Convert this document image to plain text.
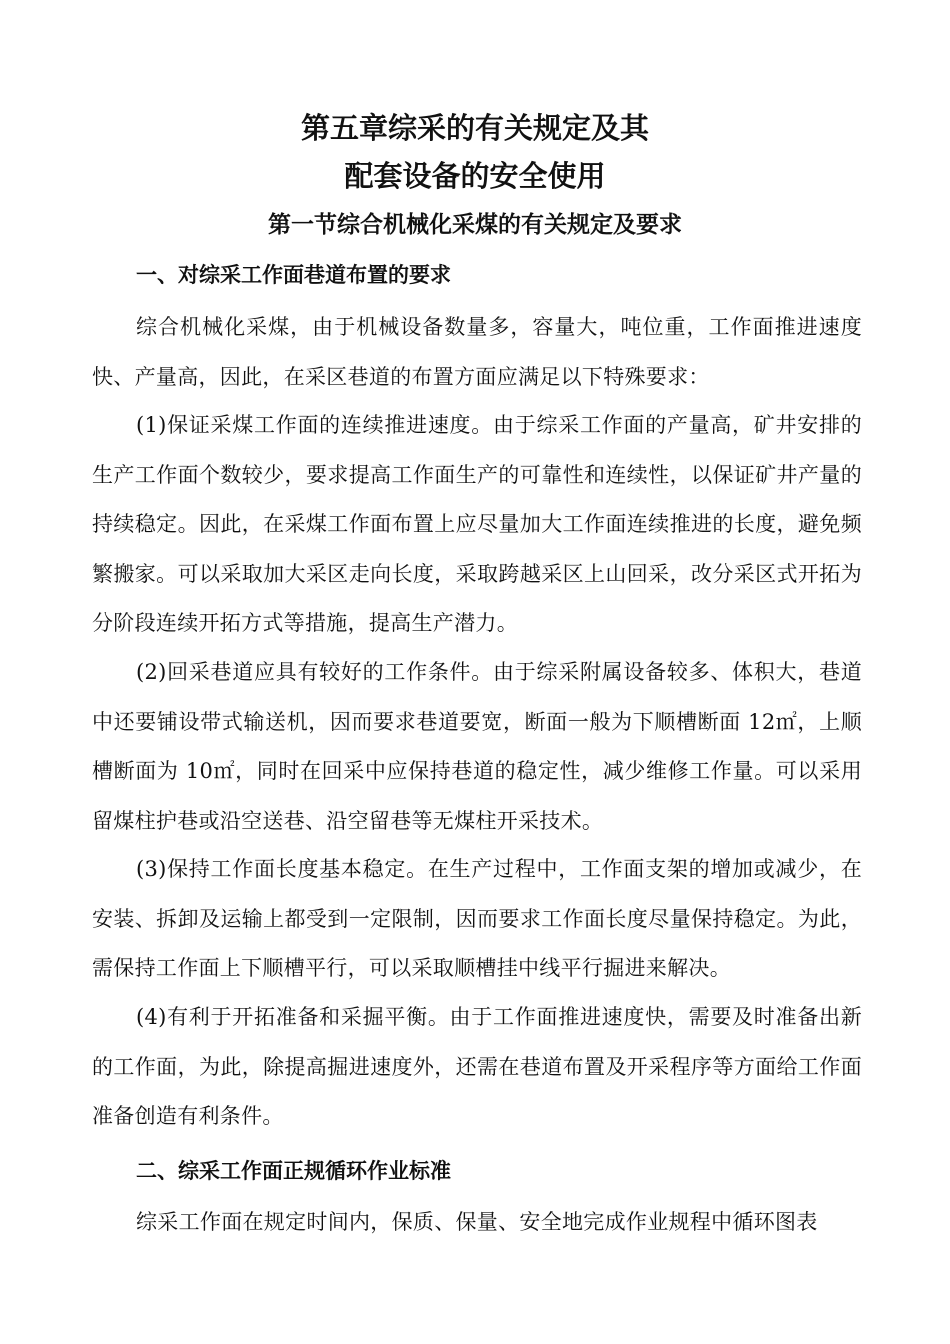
第五章综采的有关规定及其
配套设备的安全使用
第一节综合机械化采煤的有关规定及要求
一、对综采工作面巷道布置的要求

综合机械化采煤，由于机械设备数量多，容量大，吨位重，工作面推进速度快、产量高，因此，在采区巷道的布置方面应满足以下特殊要求：

(1)保证采煤工作面的连续推进速度。由于综采工作面的产量高，矿井安排的生产工作面个数较少，要求提高工作面生产的可靠性和连续性，以保证矿井产量的持续稳定。因此，在采煤工作面布置上应尽量加大工作面连续推进的长度，避免频繁搬家。可以采取加大采区走向长度，采取跨越采区上山回采，改分采区式开拓为分阶段连续开拓方式等措施，提高生产潜力。

(2)回采巷道应具有较好的工作条件。由于综采附属设备较多、体积大，巷道中还要铺设带式输送机，因而要求巷道要宽，断面一般为下顺槽断面 12㎡，上顺槽断面为 10㎡，同时在回采中应保持巷道的稳定性，减少维修工作量。可以采用留煤柱护巷或沿空送巷、沿空留巷等无煤柱开采技术。

(3)保持工作面长度基本稳定。在生产过程中，工作面支架的增加或减少，在安装、拆卸及运输上都受到一定限制，因而要求工作面长度尽量保持稳定。为此，需保持工作面上下顺槽平行，可以采取顺槽挂中线平行掘进来解决。

(4)有利于开拓准备和采掘平衡。由于工作面推进速度快，需要及时准备出新的工作面，为此，除提高掘进速度外，还需在巷道布置及开采程序等方面给工作面准备创造有利条件。

二、综采工作面正规循环作业标准

综采工作面在规定时间内，保质、保量、安全地完成作业规程中循环图表
